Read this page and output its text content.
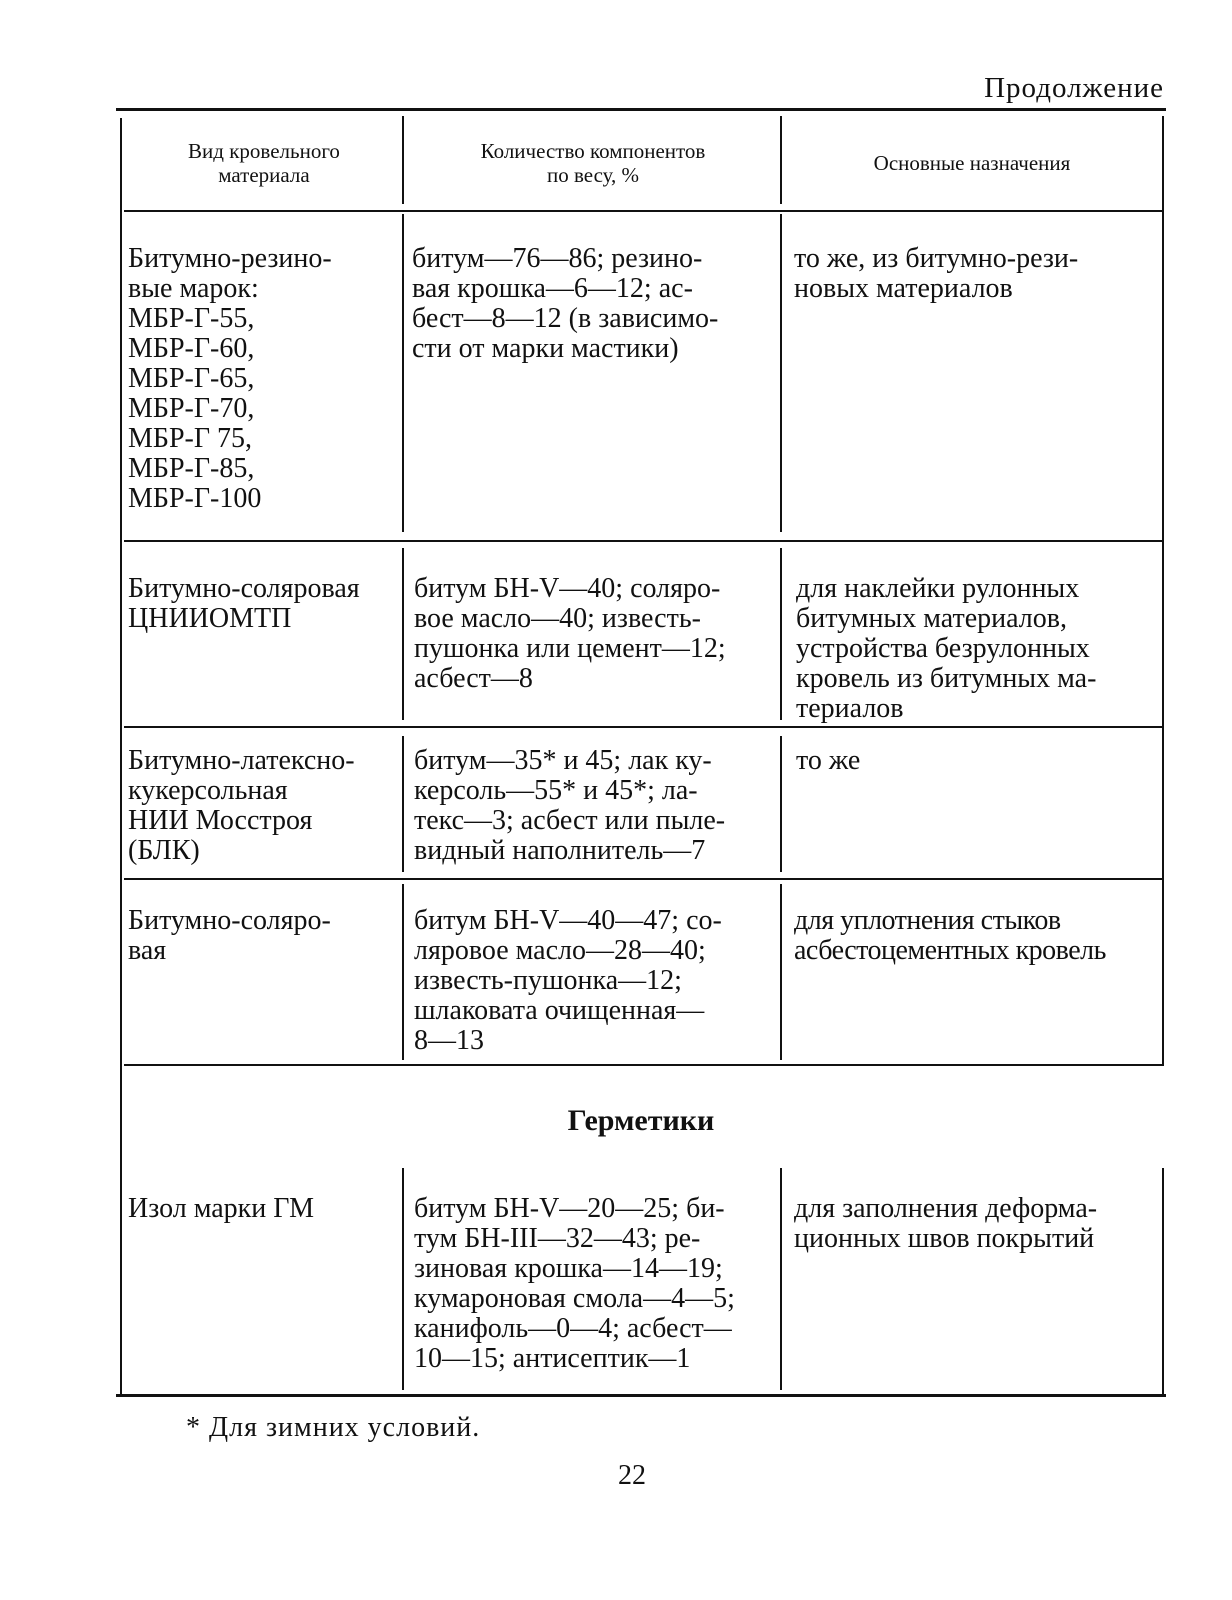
Продолжение
Вид кровельного
материала
Количество компонентов
по весу, %	Основные назначения
Битумно-резино-
вые марок:
МБР-Г-55,
МБР-Г-60,
МБР-Г-65,
МБР-Г-70,
МБР-Г 75,
МБР-Г-85,
МБР-Г-100
битум—76—86; резино-
вая крошка—6—12; ас-
бест—8—12 (в зависимо-
сти от марки мастики)
то же, из битумно-рези-
новых материалов
Битумно-соляровая
ЦНИИОМТП
битум БН-V—40; соляро-
вое масло—40; известь-
пушонка или цемент—12;
асбест—8
для наклейки рулонных
битумных материалов,
устройства безрулонных
кровель из битумных ма-
териалов
Битумно-латексно-
кукерсольная
НИИ Мосстроя
(БЛК)
битум—35* и 45; лак ку-
керсоль—55* и 45*; ла-
текс—3; асбест или пыле-
видный наполнитель—7
то же
Битумно-соляро-
вая
битум БН-V—40—47; со-
ляровое масло—28—40;
известь-пушонка—12;
шлаковата очищенная—
8—13
для уплотнения стыков
асбестоцементных кровель
Герметики
Изол марки ГМ	битум БН-V—20—25; би-
тум БН-III—32—43; ре-
зиновая крошка—14—19;
кумароновая смола—4—5;
канифоль—0—4; асбест—
10—15; антисептик—1
для заполнения деформа-
ционных швов покрытий
* Для зимних условий.
22
